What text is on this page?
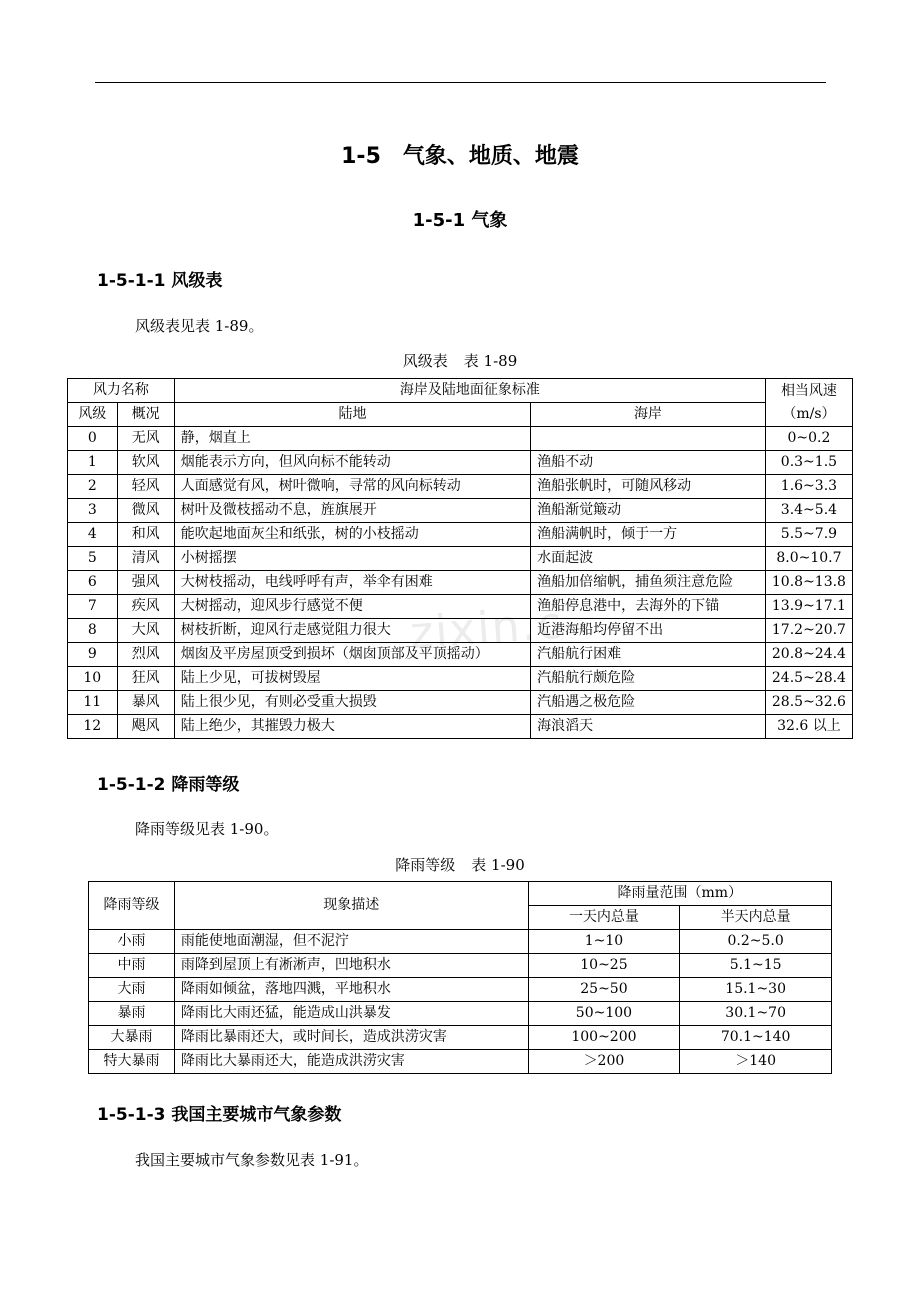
zixin.c
1-5　气象、地质、地震
1-5-1 气象
1-5-1-1 风级表
风级表见表 1-89。
风级表 表 1-89
风力名称		海岸及陆地面征象标准		相当风速
（m/s）

风级	概况	陆地	海岸	
0	无风	静，烟直上		0~0.2
1	软风	烟能表示方向，但风向标不能转动	渔船不动	0.3~1.5
2	轻风	人面感觉有风，树叶微响，寻常的风向标转动	渔船张帆时，可随风移动	1.6~3.3
3	微风	树叶及微枝摇动不息，旌旗展开	渔船渐觉簸动	3.4~5.4
4	和风	能吹起地面灰尘和纸张，树的小枝摇动	渔船满帆时，倾于一方	5.5~7.9
5	清风	小树摇摆	水面起波	8.0~10.7
6	强风	大树枝摇动，电线呼呼有声，举伞有困难	渔船加倍缩帆，捕鱼须注意危险	10.8~13.8
7	疾风	大树摇动，迎风步行感觉不便	渔船停息港中，去海外的下锚	13.9~17.1
8	大风	树枝折断，迎风行走感觉阻力很大	近港海船均停留不出	17.2~20.7
9	烈风	烟囱及平房屋顶受到损坏（烟囱顶部及平顶摇动）	汽船航行困难	20.8~24.4
10	狂风	陆上少见，可拔树毁屋	汽船航行颇危险	24.5~28.4
11	暴风	陆上很少见，有则必受重大损毁	汽船遇之极危险	28.5~32.6
12	飓风	陆上绝少，其摧毁力极大	海浪滔天	32.6 以上
1-5-1-2 降雨等级
降雨等级见表 1-90。
降雨等级 表 1-90
降雨等级	现象描述	降雨量范围（mm）	
		一天内总量	半天内总量
小雨	雨能使地面潮湿，但不泥泞	1~10	0.2~5.0
中雨	雨降到屋顶上有淅淅声，凹地积水	10~25	5.1~15
大雨	降雨如倾盆，落地四溅，平地积水	25~50	15.1~30
暴雨	降雨比大雨还猛，能造成山洪暴发	50~100	30.1~70
大暴雨	降雨比暴雨还大，或时间长，造成洪涝灾害	100~200	70.1~140
特大暴雨	降雨比大暴雨还大，能造成洪涝灾害	＞200	＞140
1-5-1-3 我国主要城市气象参数
我国主要城市气象参数见表 1-91。
